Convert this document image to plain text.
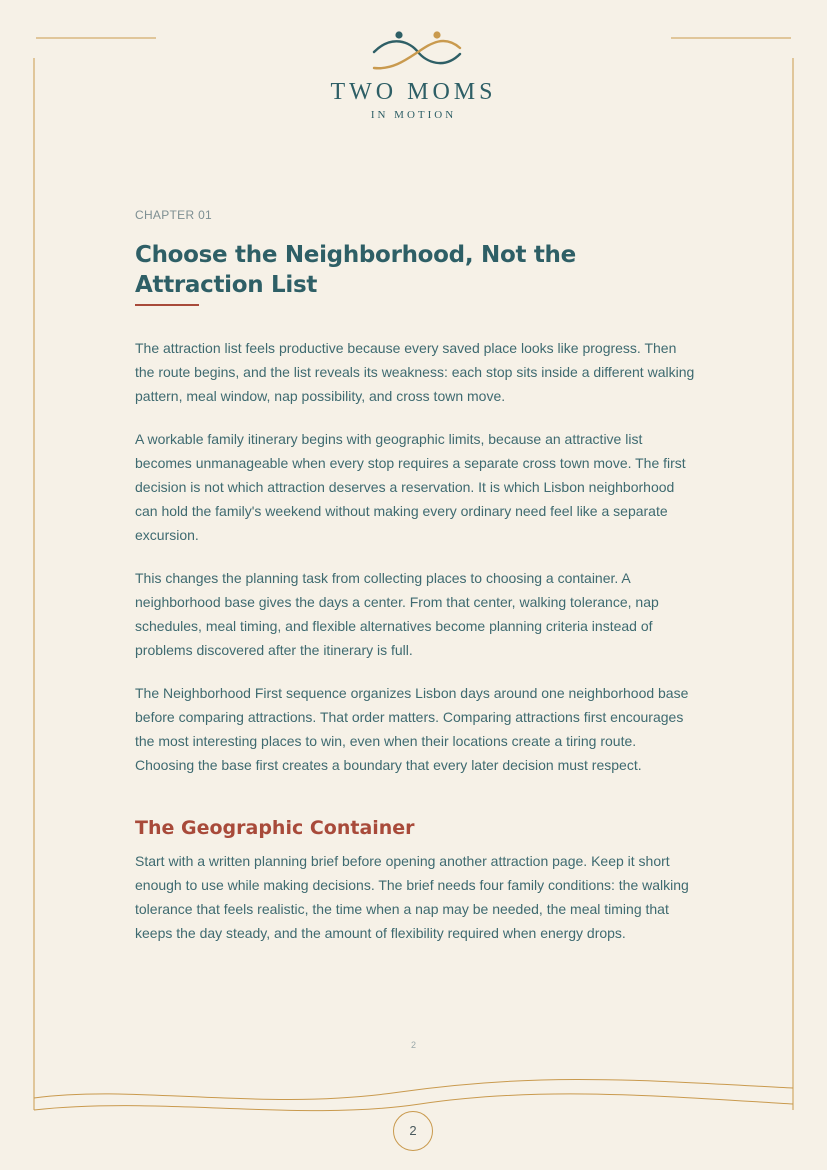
TWO MOMS
IN MOTION
CHAPTER 01
Choose the Neighborhood, Not the Attraction List

The attraction list feels productive because every saved place looks like progress. Then the route begins, and the list reveals its weakness: each stop sits inside a different walking pattern, meal window, nap possibility, and cross town move.

A workable family itinerary begins with geographic limits, because an attractive list becomes unmanageable when every stop requires a separate cross town move. The first decision is not which attraction deserves a reservation. It is which Lisbon neighborhood can hold the family's weekend without making every ordinary need feel like a separate excursion.

This changes the planning task from collecting places to choosing a container. A neighborhood base gives the days a center. From that center, walking tolerance, nap schedules, meal timing, and flexible alternatives become planning criteria instead of problems discovered after the itinerary is full.

The Neighborhood First sequence organizes Lisbon days around one neighborhood base before comparing attractions. That order matters. Comparing attractions first encourages the most interesting places to win, even when their locations create a tiring route. Choosing the base first creates a boundary that every later decision must respect.

The Geographic Container

Start with a written planning brief before opening another attraction page. Keep it short enough to use while making decisions. The brief needs four family conditions: the walking tolerance that feels realistic, the time when a nap may be needed, the meal timing that keeps the day steady, and the amount of flexibility required when energy drops.

2
2
